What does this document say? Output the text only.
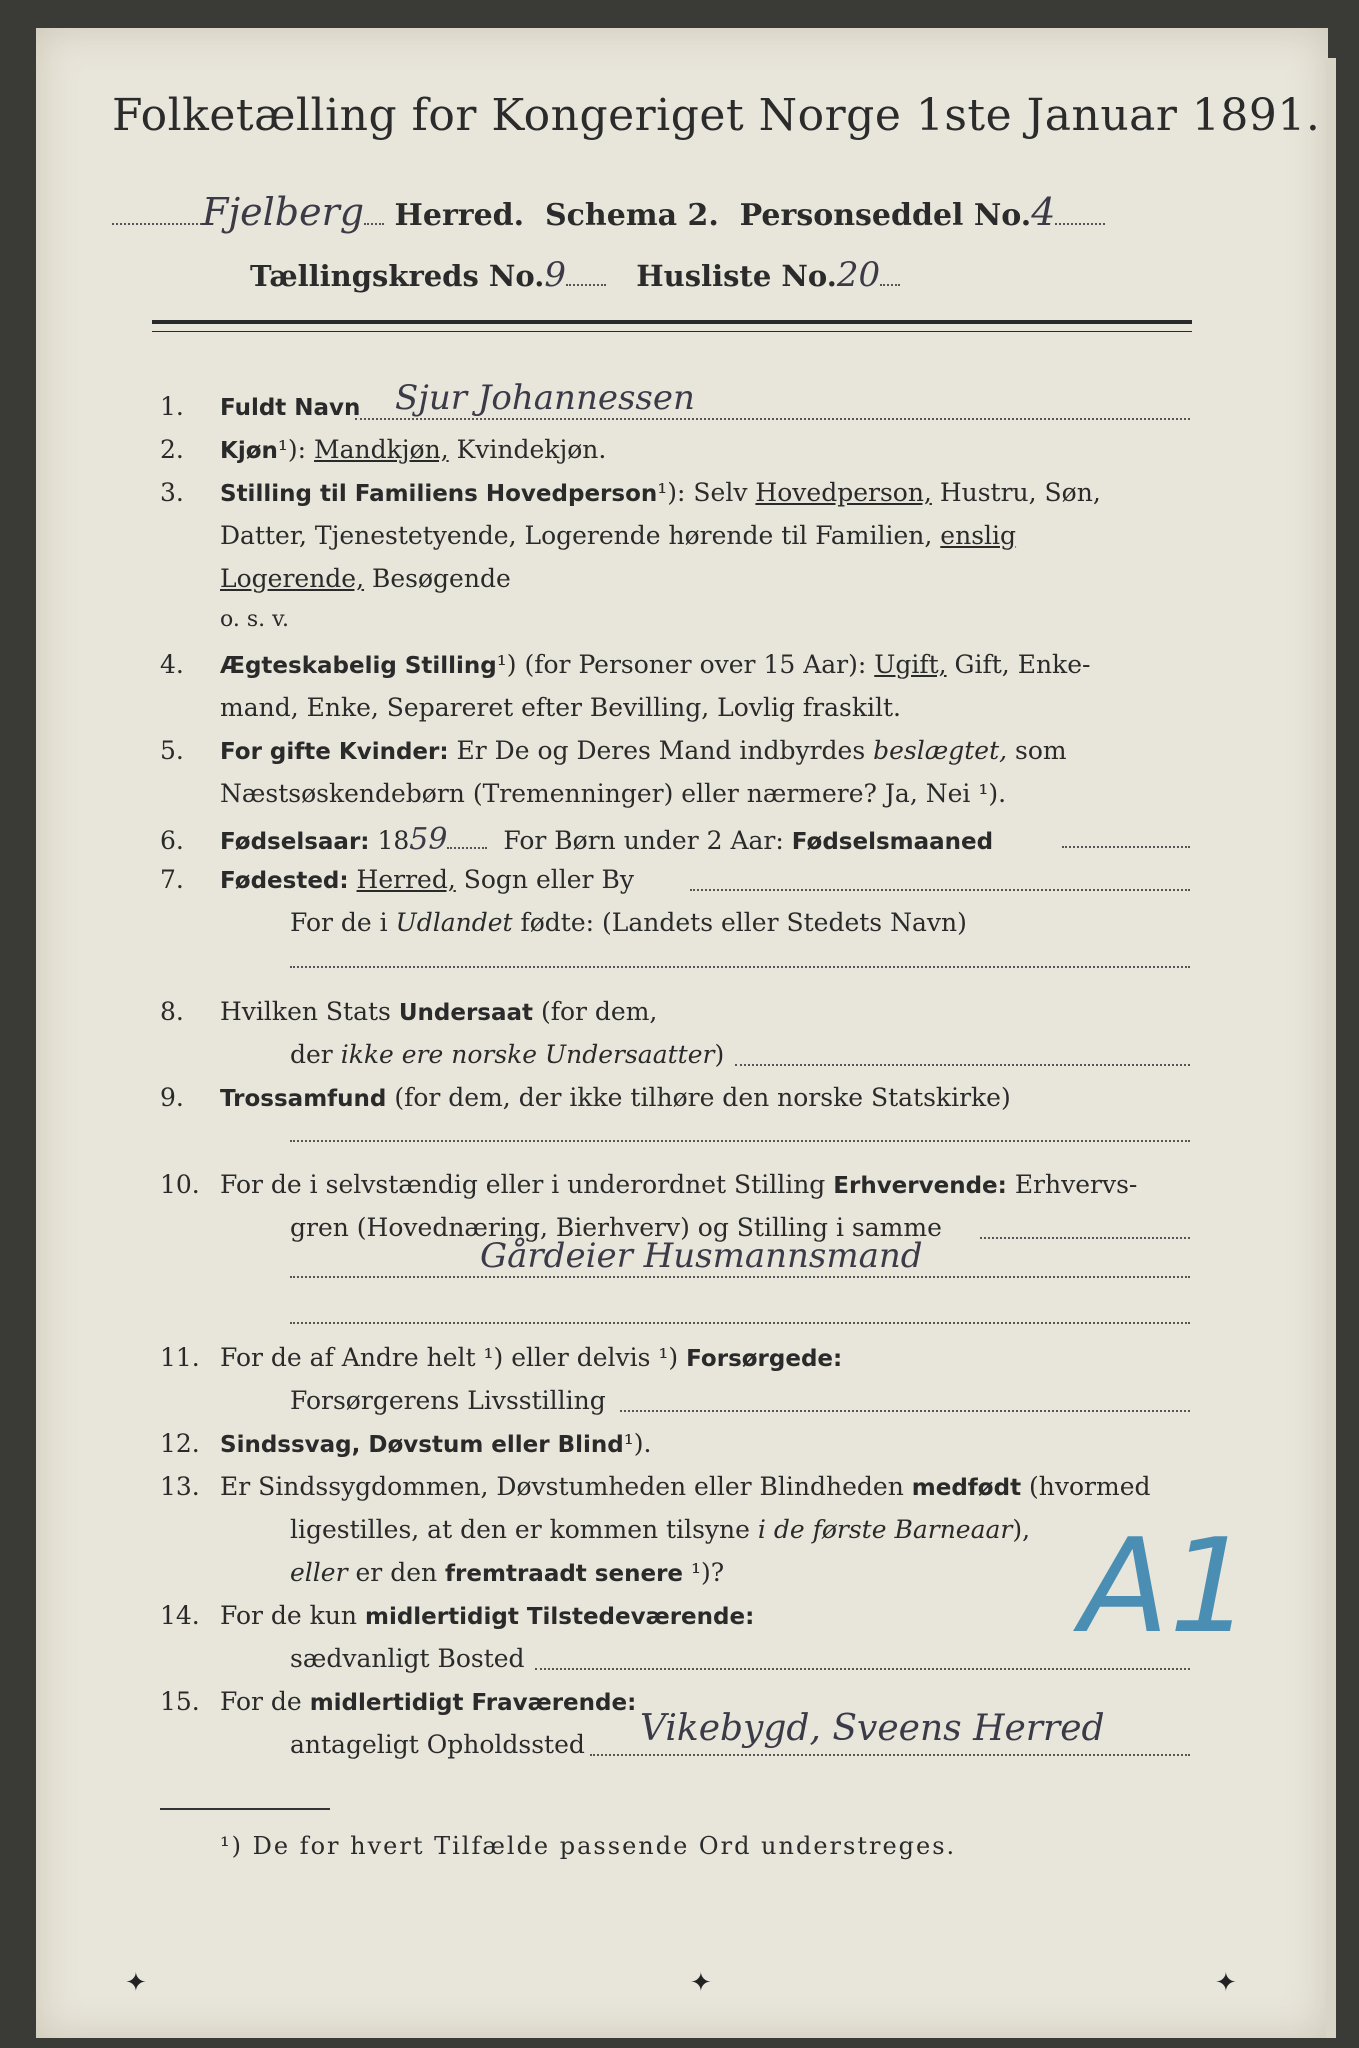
Folketælling for Kongeriget Norge 1ste Januar 1891.
Fjelberg Herred. Schema 2. Personseddel No.4
Tællingskreds No.9 Husliste No.20
1. Fuldt Navn Sjur Johannessen
2. Kjøn¹): Mandkjøn, Kvindekjøn.
3. Stilling til Familiens Hovedperson¹): Selv Hovedperson, Hustru, Søn,
Datter, Tjenestetyende, Logerende hørende til Familien, enslig
Logerende, Besøgende
o. s. v.
4. Ægteskabelig Stilling¹) (for Personer over 15 Aar): Ugift, Gift, Enke-
mand, Enke, Separeret efter Bevilling, Lovlig fraskilt.
5. For gifte Kvinder: Er De og Deres Mand indbyrdes beslægtet, som
Næstsøskendebørn (Tremenninger) eller nærmere? Ja, Nei ¹).
6. Fødselsaar: 1859 For Børn under 2 Aar: Fødselsmaaned
7. Fødested: Herred, Sogn eller By
For de i Udlandet fødte: (Landets eller Stedets Navn)
8. Hvilken Stats Undersaat (for dem,
der ikke ere norske Undersaatter)
9. Trossamfund (for dem, der ikke tilhøre den norske Statskirke)
10. For de i selvstændig eller i underordnet Stilling Erhvervende: Erhvervs-
gren (Hovednæring, Bierhverv) og Stilling i samme
Gårdeier Husmannsmand
11. For de af Andre helt ¹) eller delvis ¹) Forsørgede:
Forsørgerens Livsstilling
12. Sindssvag, Døvstum eller Blind¹).
13. Er Sindssygdommen, Døvstumheden eller Blindheden medfødt (hvormed
ligestilles, at den er kommen tilsyne i de første Barneaar),
eller er den fremtraadt senere ¹)?
14. For de kun midlertidigt Tilstedeværende:
sædvanligt Bosted
15. For de midlertidigt Fraværende:
antageligt Opholdssted Vikebygd, Sveens Herred
A1
¹) De for hvert Tilfælde passende Ord understreges.
✦	✦	✦
